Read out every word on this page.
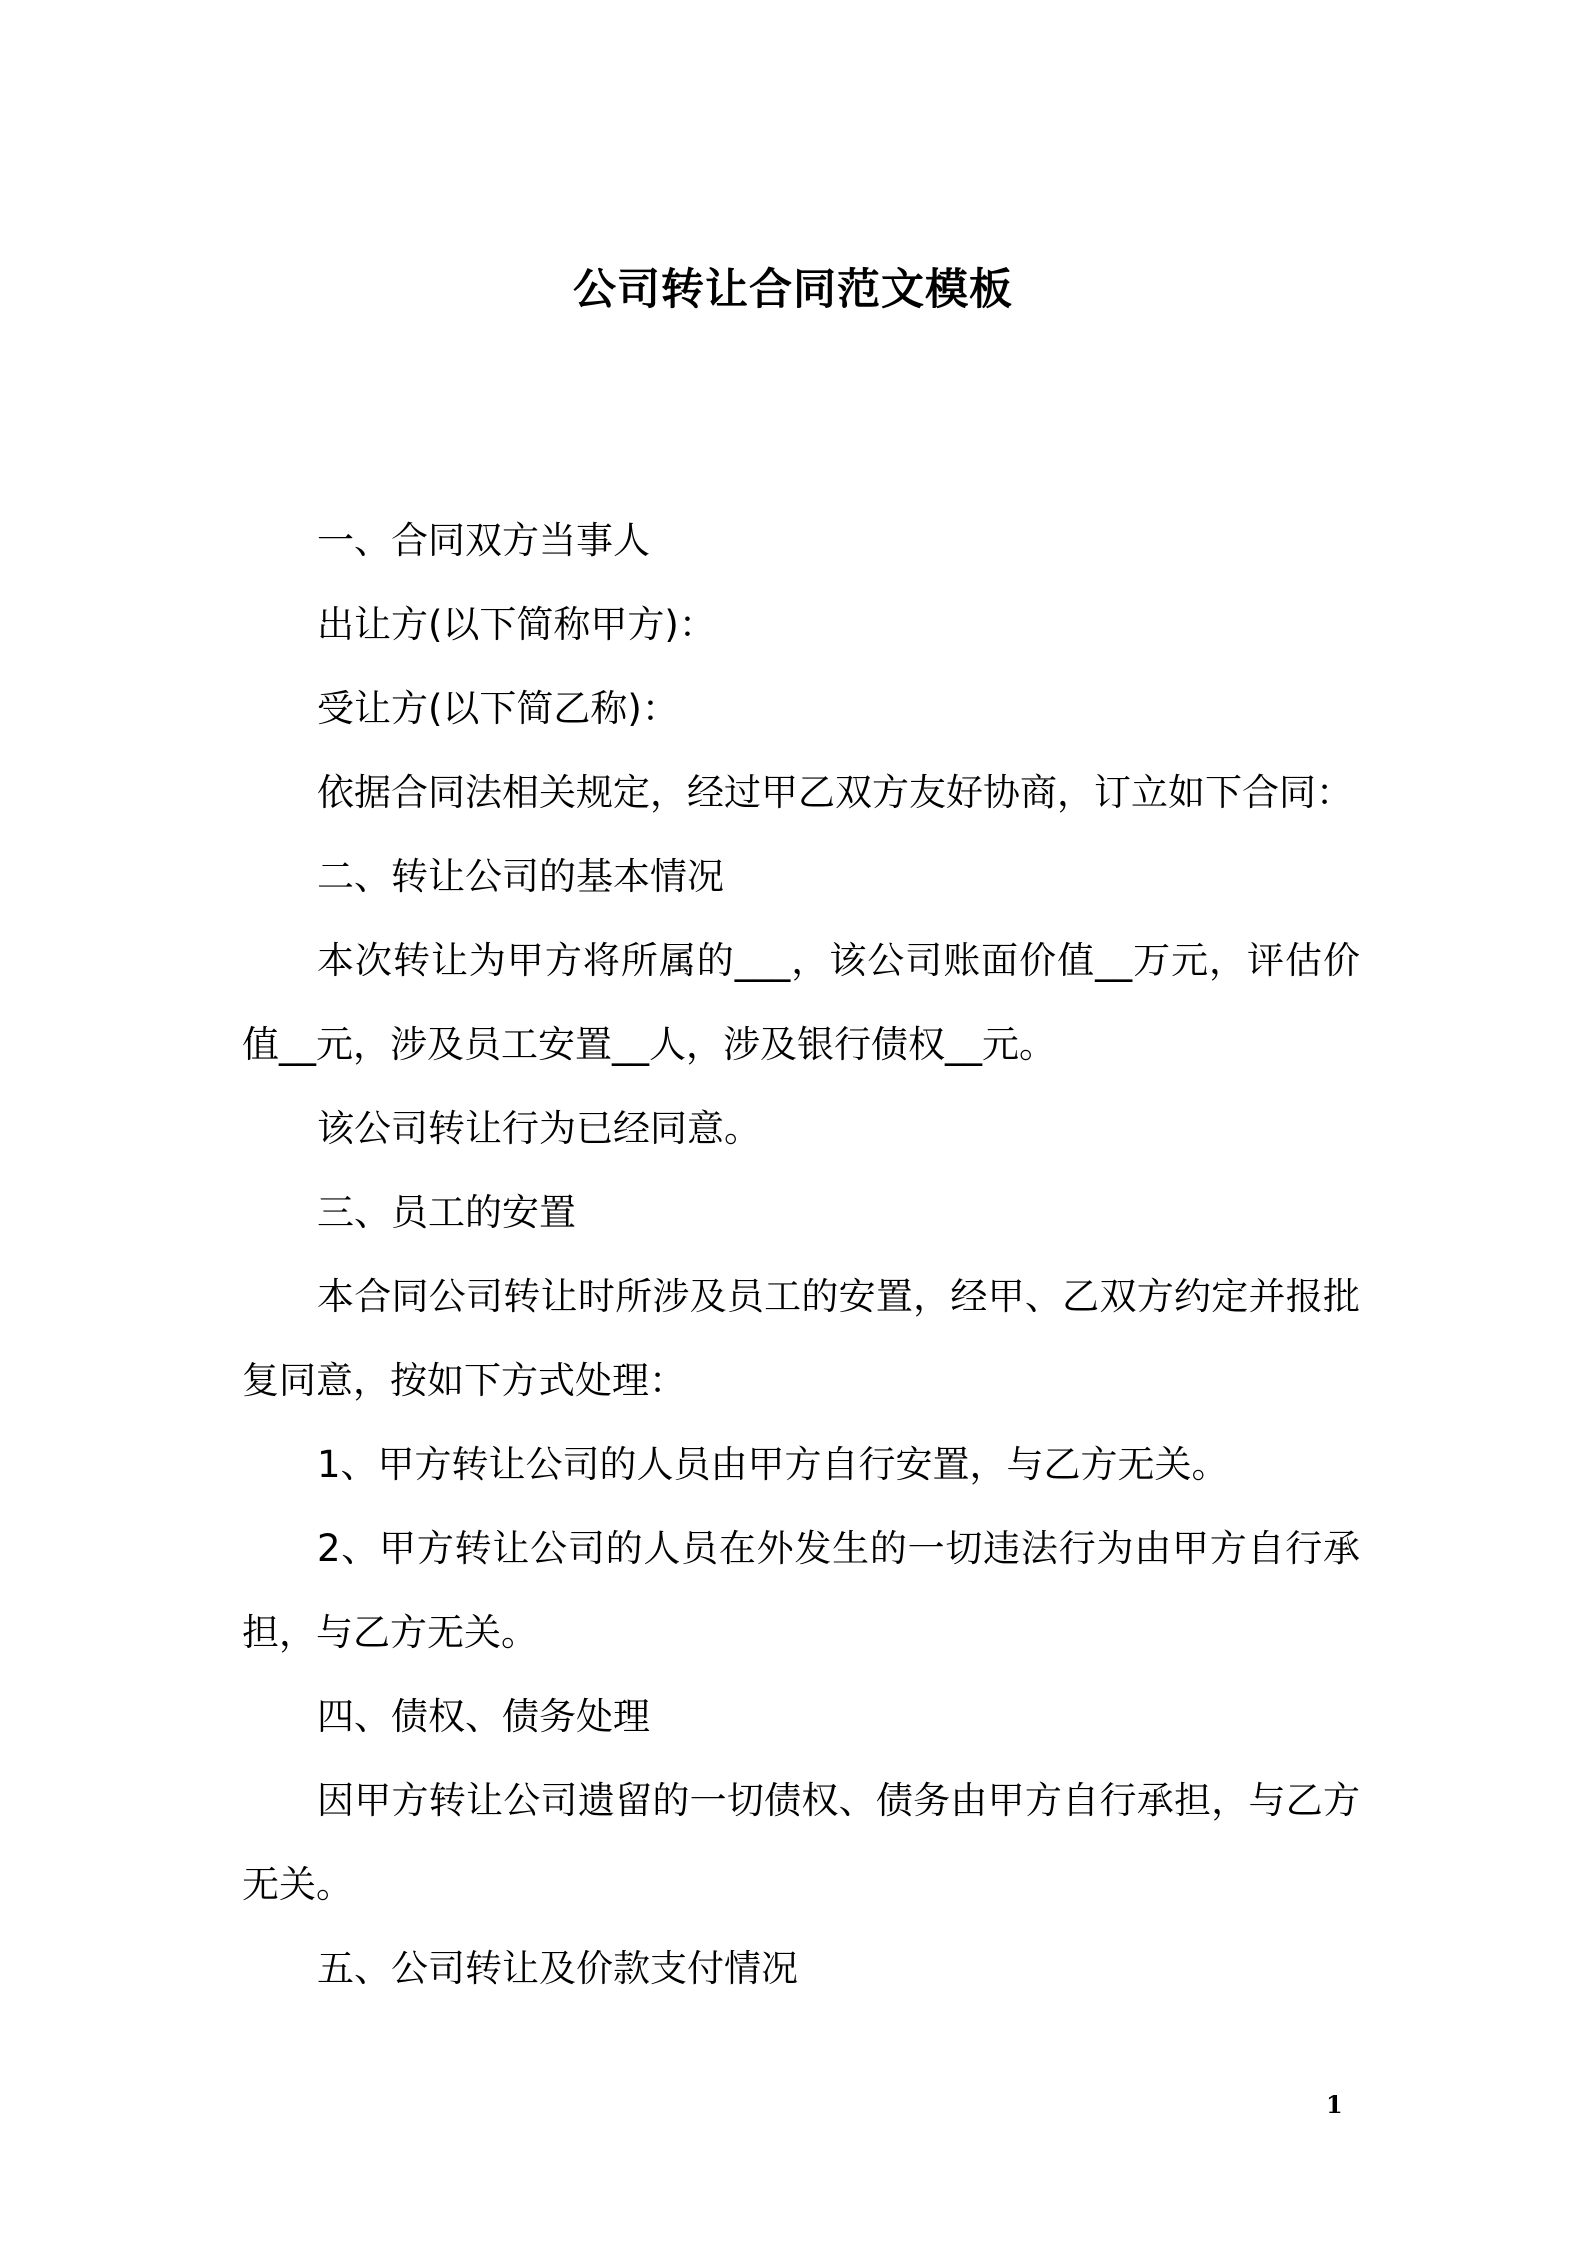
公司转让合同范文模板

一、合同双方当事人

出让方(以下简称甲方)：

受让方(以下简乙称)：

依据合同法相关规定，经过甲乙双方友好协商，订立如下合同：

二、转让公司的基本情况

本次转让为甲方将所属的___，该公司账面价值__万元，评估价值__元，涉及员工安置__人，涉及银行债权__元。

该公司转让行为已经同意。

三、员工的安置

本合同公司转让时所涉及员工的安置，经甲、乙双方约定并报批复同意，按如下方式处理：

1、甲方转让公司的人员由甲方自行安置，与乙方无关。

2、甲方转让公司的人员在外发生的一切违法行为由甲方自行承担，与乙方无关。

四、债权、债务处理

因甲方转让公司遗留的一切债权、债务由甲方自行承担，与乙方无关。

五、公司转让及价款支付情况

1
